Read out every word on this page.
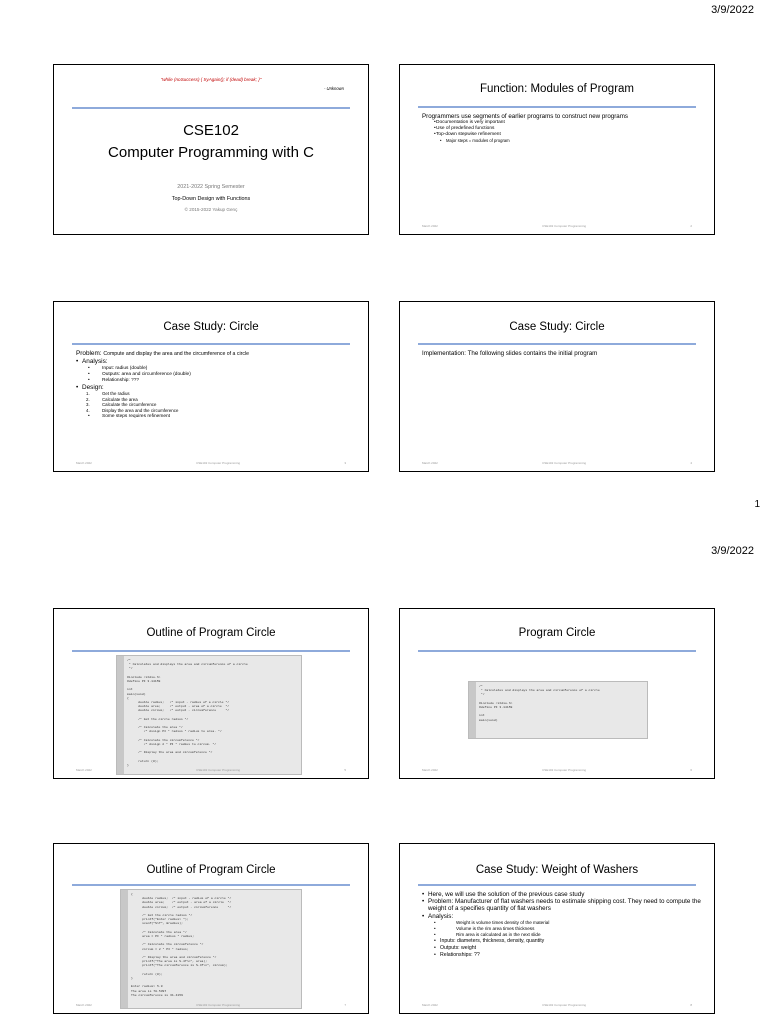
3/9/2022
"while (noSuccess) { tryAgain(); if (dead) break; }"
- Unknown
CSE102
Computer Programming with C
2021-2022 Spring Semester
Top-Down Design with Functions
© 2015-2022 Yakup Genç
Function: Modules of Program
Programmers use segments of earlier programs to construct new programs
• Documentation is very important
• Use of predefined functions
• Top-down stepwise refinement
• Major steps = modules of program
March 2022	CSE102 Computer Programming	2
Case Study: Circle
Problem: Compute and display the area and the circumference of a circle
• Analysis:
• Input: radius (double)
• Outputs: area and circumference (double)
• Relationship: ???
• Design:
1.	Get the radius
2.	Calculate the area
3.	Calculate the circumference
4.	Display the area and the circumference
• Some steps requires refinement
March 2022	CSE102 Computer Programming	3
Case Study: Circle
Implementation: The following slides contains the initial program
March 2022	CSE102 Computer Programming	4
1
3/9/2022
Outline of Program Circle
/*
* Calculates and displays the area and circumference of a circle
*/

#include <stdio.h>
#define PI 3.14159

int
main(void)
{
double radius;   /* input - radius of a circle */
double area;     /* output - area of a circle  */
double circum;   /* output - circumference     */

/* Get the circle radius */

/* Calculate the area */
/* Assign PI * radius * radius to area. */

/* Calculate the circumference */
/* Assign 2 * PI * radius to circum. */

/* Display the area and circumference */

return (0);
}
March 2022	CSE102 Computer Programming	5
Program Circle
/*
* Calculates and displays the area and circumference of a circle
*/

#include <stdio.h>
#define PI 3.14159

int
main(void)
March 2022	CSE102 Computer Programming	6
Outline of Program Circle
{
double radius;  /* input - radius of a circle */
double area;    /* output - area of a circle  */
double circum;  /* output - circumference     */

/* Get the circle radius */
printf("Enter radius> ");
scanf("%lf", &radius);

/* Calculate the area */
area = PI * radius * radius;

/* Calculate the circumference */
circum = 2 * PI * radius;

/* Display the area and circumference */
printf("The area is %.4f\n", area);
printf("The circumference is %.4f\n", circum);

return (0);
}

Enter radius> 5.0
The area is 78.5397
The circumference is 31.4159
March 2022	CSE102 Computer Programming	7
Case Study: Weight of Washers
• Here, we will use the solution of the previous case study
• Problem: Manufacturer of flat washers needs to estimate shipping cost. They need to compute the weight of a specifies quantity of flat washers
• Analysis:
• Weight is volume times density of the material
• Volume is the rim area times thickness
• Rim area is calculated as in the next slide
• Inputs: diameters, thickness, density, quantity
• Outputs: weight
• Relationships: ??
March 2022	CSE102 Computer Programming	8
